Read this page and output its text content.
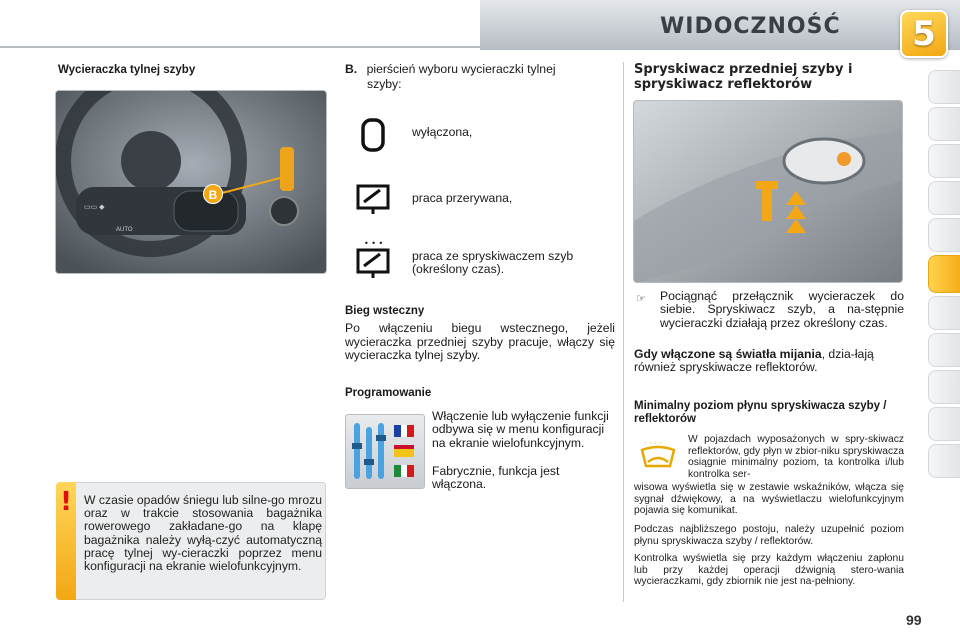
WIDOCZNOŚĆ	5
Wycieraczka tylnej szyby
▭▭ ◆
AUTO
B
! W czasie opadów śniegu lub silne-go mrozu oraz w trakcie stosowania bagażnika rowerowego zakładane-go na klapę bagażnika należy wyłą-czyć automatyczną pracę tylnej wy-cieraczki poprzez menu konfiguracji na ekranie wielofunkcyjnym.
B. pierścień wyboru wycieraczki tylnej
szyby:
wyłączona,
praca przerywana,
• • •
praca ze spryskiwaczem szyb (określony czas).
Bieg wsteczny
Po włączeniu biegu wstecznego, jeżeli wycieraczka przedniej szyby pracuje, włączy się wycieraczka tylnej szyby.
Programowanie
Włączenie lub wyłączenie funkcji odbywa się w menu konfiguracji na ekranie wielofunkcyjnym.
Fabrycznie, funkcja jest włączona.
Spryskiwacz przedniej szyby i spryskiwacz reflektorów
☞ Pociągnąć przełącznik wycieraczek do siebie. Spryskiwacz szyb, a na-stępnie wycieraczki działają przez określony czas.
Gdy włączone są światła mijania, dzia-łają również spryskiwacze reflektorów.
Minimalny poziom płynu spryskiwacza szyby / reflektorów
· · · ·	W pojazdach wyposażonych w spry-skiwacz reflektorów, gdy płyn w zbior-niku spryskiwacza osiągnie minimalny poziom, ta kontrolka i/lub kontrolka ser-
wisowa wyświetla się w zestawie wskaźników, włącza się sygnał dźwiękowy, a na wyświetlaczu wielofunkcyjnym pojawia się komunikat.
Podczas najbliższego postoju, należy uzupełnić poziom płynu spryskiwacza szyby / reflektorów.
Kontrolka wyświetla się przy każdym włączeniu zapłonu lub przy każdej operacji dźwignią stero-wania wycieraczkami, gdy zbiornik nie jest na-pełniony.
99
